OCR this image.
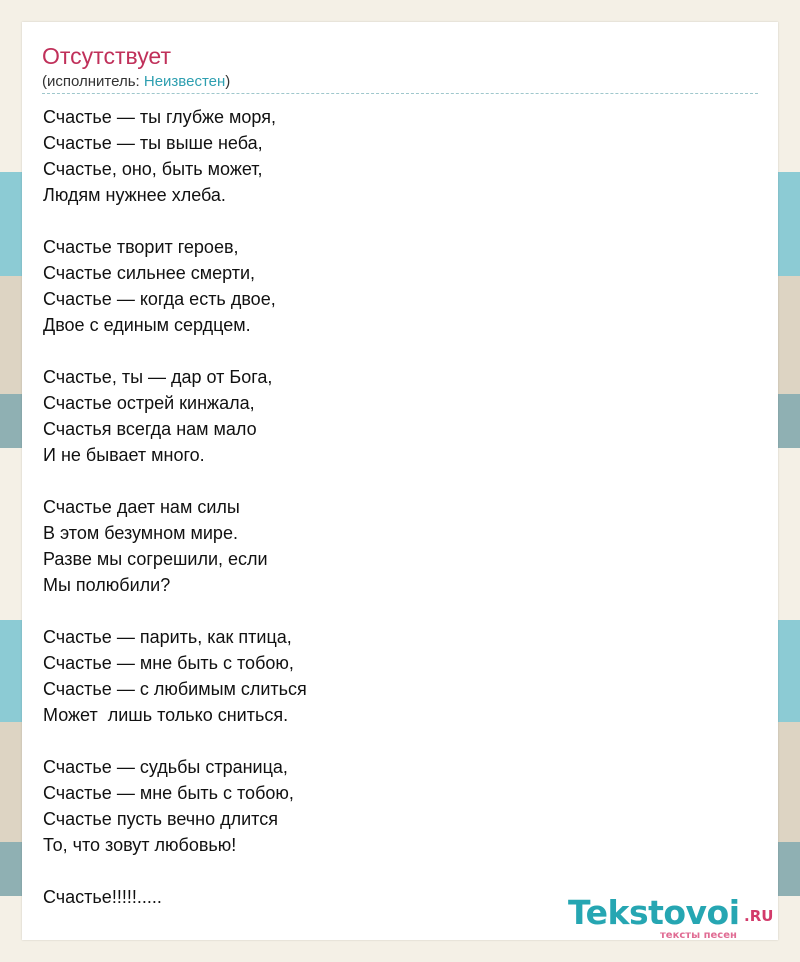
Отсутствует
(исполнитель: Неизвестен)
Счастье — ты глубже моря,
Счастье — ты выше неба,
Счастье, оно, быть может,
Людям нужнее хлеба.
Счастье творит героев,
Счастье сильнее смерти,
Счастье — когда есть двое,
Двое с единым сердцем.
Счастье, ты — дар от Бога,
Счастье острей кинжала,
Счастья всегда нам мало
И не бывает много.
Счастье дает нам силы
В этом безумном мире.
Разве мы согрешили, если
Мы полюбили?
Счастье — парить, как птица,
Счастье — мне быть с тобою,
Счастье — с любимым слиться
Может  лишь только сниться.
Счастье — судьбы страница,
Счастье — мне быть с тобою,
Счастье пусть вечно длится
То, что зовут любовью!
Счастье!!!!!.....	Tekstovoi .RU
тексты песен
